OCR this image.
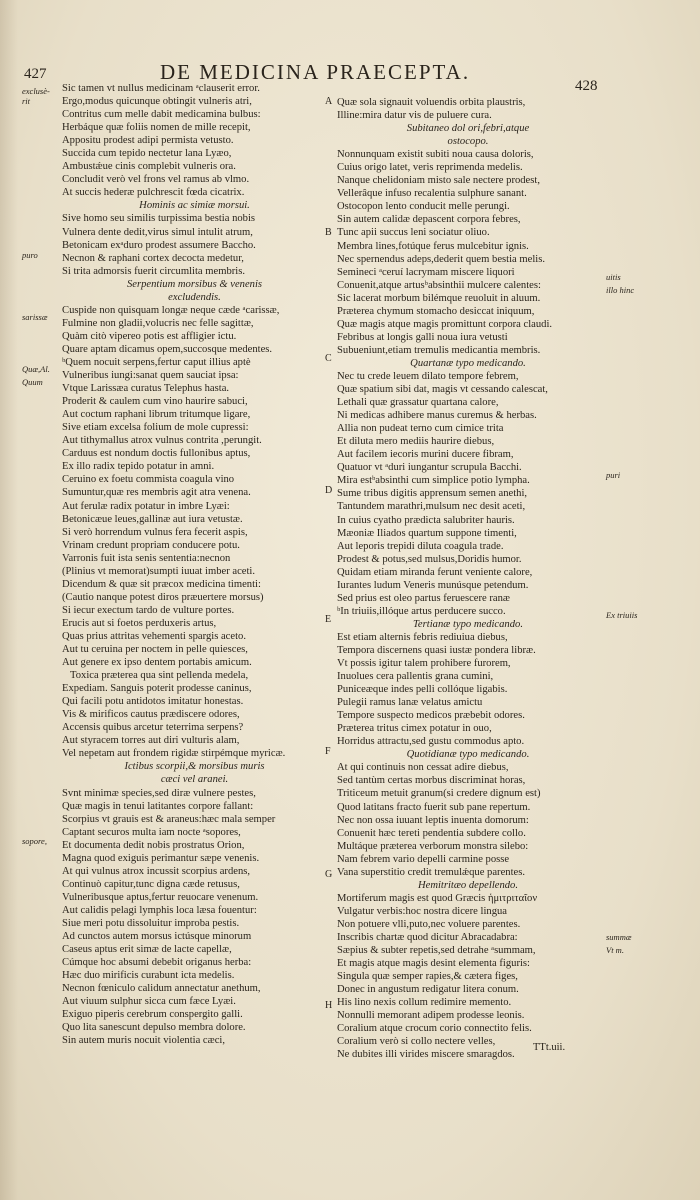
427	DE MEDICINA PRAECEPTA.
428
Sic tamen vt nullus medicinam ᵃclauserit error.
Ergo,modus quicunque obtingit vulneris atri,
Contritus cum melle dabit medicamina bulbus:
Herbáque quæ foliis nomen de mille recepit,
Appositu prodest adipi permista vetusto.
Succida cum tepido nectetur lana Lyæo,
Ambustǽue cinis complebit vulneris ora.
Concludit verò vel frons vel ramus ab vlmo.
At succis hederæ pulchrescit fœda cicatrix.
Hominis ac simiæ morsui.
Sive homo seu similis turpissima bestia nobis
Vulnera dente dedit,virus simul intulit atrum,
Betonicam exᵃduro prodest assumere Baccho.
Necnon & raphani cortex decocta medetur,
Si trita admorsis fuerit circumlita membris.
Serpentium morsibus & venenis
excludendis.
Cuspide non quisquam longæ neque cæde ᵃcarissæ,
Fulmine non gladii,volucris nec felle sagittæ,
Quàm citò vipereo potis est affligier ictu.
Quare aptam dicamus opem,succosque medentes.
ᵇQuem nocuit serpens,fertur caput illius aptè
Vulneribus iungi:sanat quem sauciat ipsa:
Vtque Larissæa curatus Telephus hasta.
Proderit & caulem cum vino haurire sabuci,
Aut coctum raphani librum tritumque ligare,
Sive etiam excelsa folium de mole cupressi:
Aut tithymallus atrox vulnus contrita ,perungit.
Carduus est nondum doctis fullonibus aptus,
Ex illo radix tepido potatur in amni.
Ceruino ex foetu commista coagula vino
Sumuntur,quæ res membris agit atra venena.
Aut ferulæ radix potatur in imbre Lyæi:
Betonicæue leues,gallinæ aut iura vetustæ.
Si verò horrendum vulnus fera fecerit aspis,
Vrinam credunt propriam conducere potu.
Varronis fuit ista senis sententia:necnon
(Plinius vt memorat)sumpti iuuat imber aceti.
Dicendum & quæ sit præcox medicina timenti:
(Cautio nanque potest diros præuertere morsus)
Si iecur exectum tardo de vulture portes.
Erucis aut si foetos perduxeris artus,
Quas prius attritas vehementi spargis aceto.
Aut tu ceruina per noctem in pelle quiesces,
Aut genere ex ipso dentem portabis amicum.
Toxica præterea qua sint pellenda medela,
Expediam. Sanguis poterit prodesse caninus,
Qui facili potu antidotos imitatur honestas.
Vis & mirificos cautus prædiscere odores,
Accensis quibus arcetur teterrima serpens?
Aut styracem torres aut diri vulturis alam,
Vel nepetam aut frondem rigidæ stirpémque myricæ.
Ictibus scorpii,& morsibus muris
cæci vel aranei.
Svnt minimæ species,sed diræ vulnere pestes,
Quæ magis in tenui latitantes corpore fallant:
Scorpius vt grauis est & araneus:hæc mala semper
Captant securos multa iam nocte ᵃsopores,
Et documenta dedit nobis prostratus Orion,
Magna quod exiguis perimantur sæpe venenis.
At qui vulnus atrox incussit scorpius ardens,
Continuò capitur,tunc digna cæde retusus,
Vulneribusque aptus,fertur reuocare venenum.
Aut calidis pelagi lymphis loca læsa fouentur:
Siue meri potu dissoluitur improba pestis.
Ad cunctos autem morsus ictúsque minorum
Caseus aptus erit simæ de lacte capellæ,
Cúmque hoc absumi debebit origanus herba:
Hæc duo mirificis curabunt icta medelis.
Necnon fœniculo calidum annectatur anethum,
Aut viuum sulphur sicca cum fæce Lyæi.
Exiguo piperis cerebrum conspergito galli.
Quo lita sanescunt depulso membra dolore.
Sin autem muris nocuit violentia cæci,
Quæ sola signauit voluendis orbita plaustris,
Illine:mira datur vis de puluere cura.
Subitaneo dol ori,febri,atque
ostocopo.
Nonnunquam existit subiti noua causa doloris,
Cuius origo latet, veris reprimenda medelis.
Nanque chelidoniam misto sale nectere prodest,
Vellerâque infuso recalentia sulphure sanant.
Ostocopon lento conducit melle perungi.
Sin autem calidæ depascent corpora febres,
Tunc apii succus leni sociatur oliuo.
Membra lines,fotúque ferus mulcebitur ignis.
Nec spernendus adeps,dederit quem bestia melis.
Semineci ᵃceruí lacrymam miscere liquori
Conuenit,atque artusᵇabsinthii mulcere calentes:
Sic lacerat morbum bilémque reuoluit in aluum.
Præterea chymum stomacho desiccat iniquum,
Quæ magis atque magis promittunt corpora claudi.
Febribus at longis galli noua iura vetusti
Subueniunt,etiam tremulis medicantia membris.
Quartanæ typo medicando.
Nec tu crede leuem dilato tempore febrem,
Quæ spatium sibi dat, magis vt cessando calescat,
Lethali quæ grassatur quartana calore,
Ni medicas adhibere manus curemus & herbas.
Allia non pudeat terno cum cimice trita
Et diluta mero mediis haurire diebus,
Aut facilem iecoris murini ducere fibram,
Quatuor vt ᵃduri iungantur scrupula Bacchi.
Mira estᵇabsinthi cum simplice potio lympha.
Sume tribus digitis apprensum semen anethi,
Tantundem marathri,mulsum nec desit aceti,
In cuius cyatho prædicta salubriter hauris.
Mæoniæ Iliados quartum suppone timenti,
Aut leporis trepidi diluta coagula trade.
Prodest & potus,sed mulsus,Doridis humor.
Quidam etiam miranda ferunt veniente calore,
Iurantes ludum Veneris munúsque petendum.
Sed prius est oleo partus feruescere ranæ
ᵇIn triuiis,illóque artus perducere succo.
Tertianæ typo medicando.
Est etiam alternis febris rediuiua diebus,
Tempora discernens quasi iustæ pondera libræ.
Vt possis igitur talem prohibere furorem,
Inuolues cera pallentis grana cumini,
Puniceæque indes pelli collóque ligabis.
Pulegii ramus lanæ velatus amictu
Tempore suspecto medicos præbebit odores.
Præterea tritus cimex potatur in ouo,
Horridus attractu,sed gustu commodus apto.
Quotidianæ typo medicando.
At qui continuis non cessat adire diebus,
Sed tantùm certas morbus discriminat horas,
Triticeum metuit granum(si credere dignum est)
Quod latitans fracto fuerit sub pane repertum.
Nec non ossa iuuant leptis inuenta domorum:
Conuenit hæc tereti pendentia subdere collo.
Multáque præterea verborum monstra silebo:
Nam febrem vario depelli carmine posse
Vana superstitio credit tremulǽque parentes.
Hemitritæo depellendo.
Mortiferum magis est quod Græcis ἡμιτριταῖον
Vulgatur verbis:hoc nostra dicere lingua
Non potuere vlli,puto,nec voluere parentes.
Inscribis chartæ quod dicitur Abracadabra:
Sæpius & subter repetis,sed detrahe ᵃsummam,
Et magis atque magis desint elementa figuris:
Singula quæ semper rapies,& cætera figes,
Donec in angustum redigatur litera conum.
His lino nexis collum redimire memento.
Nonnulli memorant adipem prodesse leonis.
Coralium atque crocum corio connectito felis.
Coralium verò si collo nectere velles,
Ne dubites illi virides miscere smaragdos.
exclusè-rit
puro
sarissæ
Quæ,Al.
Quum
sopore,
uitis
illo hinc
puri
Ex triuiis
summæ
Vt m.
A
B
C
D
E
F
G
H
TTt.uii.
